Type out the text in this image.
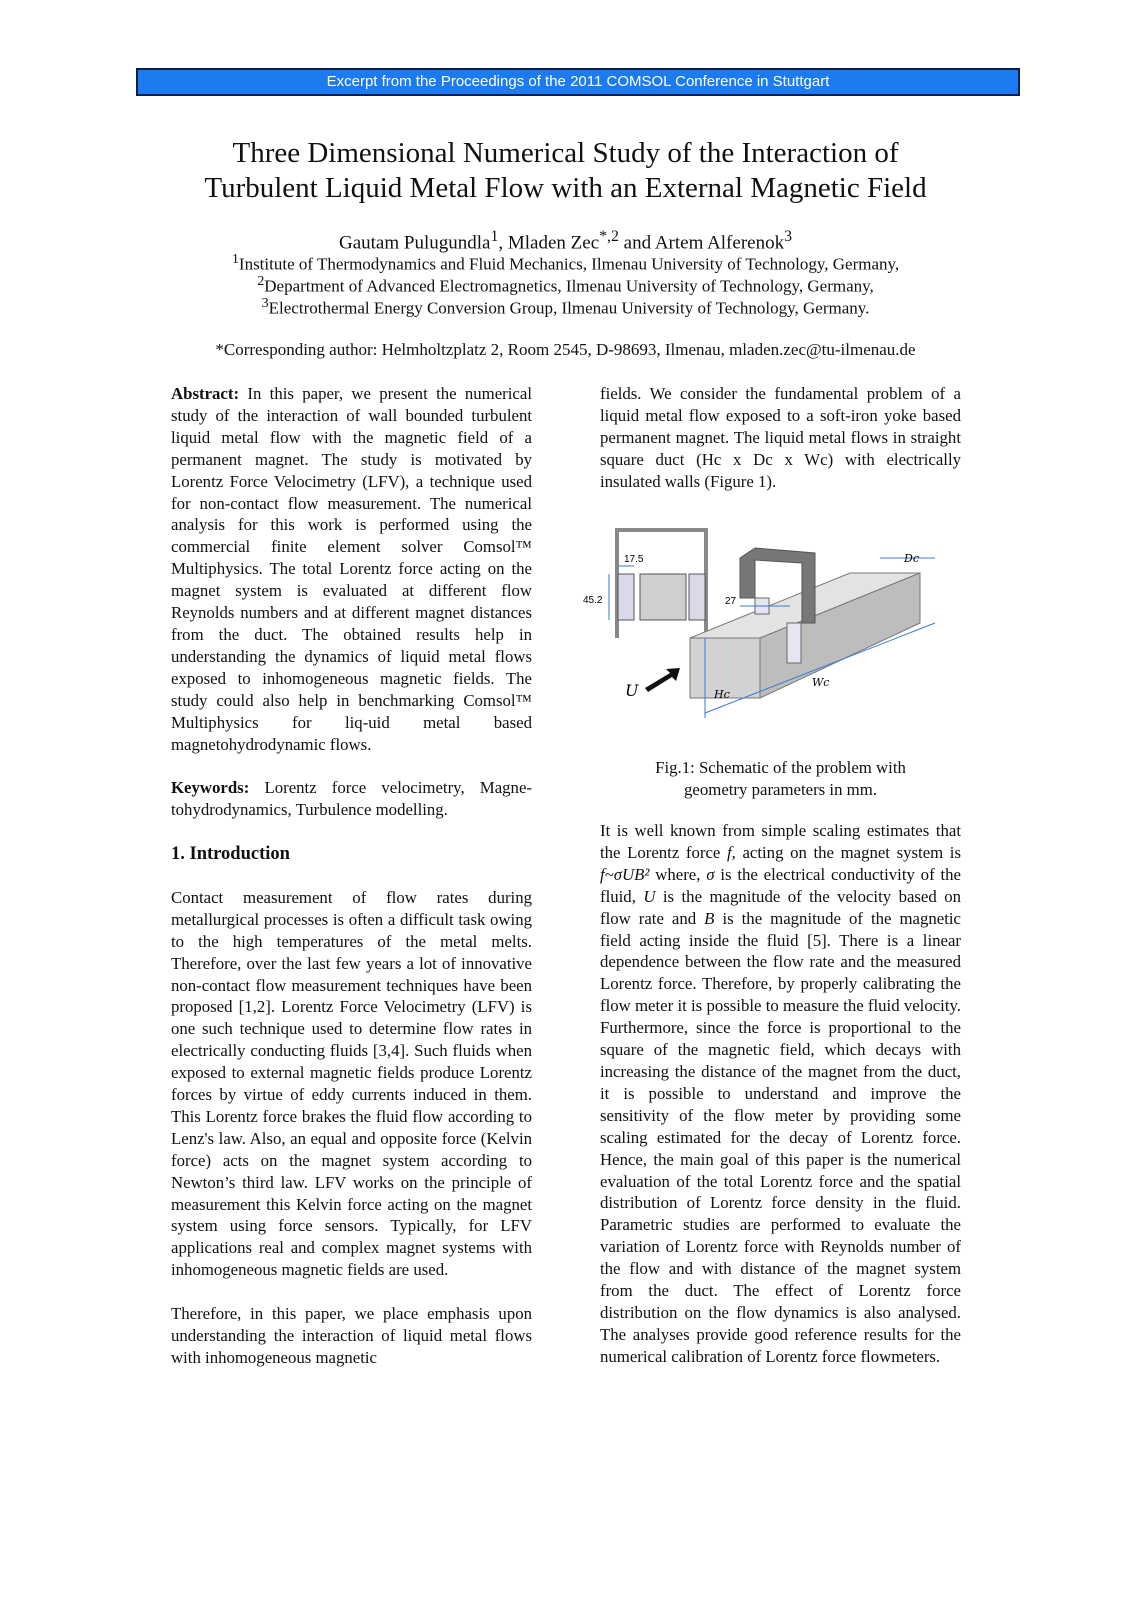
Excerpt from the Proceedings of the 2011 COMSOL Conference in Stuttgart
Three Dimensional Numerical Study of the Interaction of
Turbulent Liquid Metal Flow with an External Magnetic Field
Gautam Pulugundla$^1$, Mladen Zec$^{*,2}$ and Artem Alferenok$^3$
$^1$Institute of Thermodynamics and Fluid Mechanics, Ilmenau University of Technology, Germany,
$^2$Department of Advanced Electromagnetics, Ilmenau University of Technology, Germany,
$^3$Electrothermal Energy Conversion Group, Ilmenau University of Technology, Germany.
*Corresponding author: Helmholtzplatz 2, Room 2545, D-98693, Ilmenau, mladen.zec@tu-ilmenau.de

Abstract: In this paper, we present the numerical study of the interaction of wall bounded turbulent liquid metal flow with the magnetic field of a permanent magnet. The study is motivated by Lorentz Force Velocimetry (LFV), a technique used for non-contact flow measurement. The numerical analysis for this work is performed using the commercial finite element solver Comsol™ Multiphysics. The total Lorentz force acting on the magnet system is evaluated at different flow Reynolds numbers and at different magnet distances from the duct. The obtained results help in understanding the dynamics of liquid metal flows exposed to inhomogeneous magnetic fields. The study could also help in benchmarking Comsol™ Multiphysics for liq-uid metal based magnetohydrodynamic flows.

Keywords: Lorentz force velocimetry, Magne-tohydrodynamics, Turbulence modelling.

1. Introduction

Contact measurement of flow rates during metallurgical processes is often a difficult task owing to the high temperatures of the metal melts. Therefore, over the last few years a lot of innovative non-contact flow measurement techniques have been proposed [1,2]. Lorentz Force Velocimetry (LFV) is one such technique used to determine flow rates in electrically conducting fluids [3,4]. Such fluids when exposed to external magnetic fields produce Lorentz forces by virtue of eddy currents induced in them. This Lorentz force brakes the fluid flow according to Lenz's law. Also, an equal and opposite force (Kelvin force) acts on the magnet system according to Newton’s third law. LFV works on the principle of measurement this Kelvin force acting on the magnet system using force sensors. Typically, for LFV applications real and complex magnet systems with inhomogeneous magnetic fields are used.

Therefore, in this paper, we place emphasis upon understanding the interaction of liquid metal flows with inhomogeneous magnetic

fields. We consider the fundamental problem of a liquid metal flow exposed to a soft-iron yoke based permanent magnet. The liquid metal flows in straight square duct (Hc x Dc x Wc) with electrically insulated walls (Figure 1).

17.5
45.2	27
Dc
Wc
Hc
U
Fig.1: Schematic of the problem with
geometry parameters in mm.

It is well known from simple scaling estimates that the Lorentz force f, acting on the magnet system is f~σUB² where, σ is the electrical conductivity of the fluid, U is the magnitude of the velocity based on flow rate and B is the magnitude of the magnetic field acting inside the fluid [5]. There is a linear dependence between the flow rate and the measured Lorentz force. Therefore, by properly calibrating the flow meter it is possible to measure the fluid velocity. Furthermore, since the force is proportional to the square of the magnetic field, which decays with increasing the distance of the magnet from the duct, it is possible to understand and improve the sensitivity of the flow meter by providing some scaling estimated for the decay of Lorentz force. Hence, the main goal of this paper is the numerical evaluation of the total Lorentz force and the spatial distribution of Lorentz force density in the fluid. Parametric studies are performed to evaluate the variation of Lorentz force with Reynolds number of the flow and with distance of the magnet system from the duct. The effect of Lorentz force distribution on the flow dynamics is also analysed. The analyses provide good reference results for the numerical calibration of Lorentz force flowmeters.
